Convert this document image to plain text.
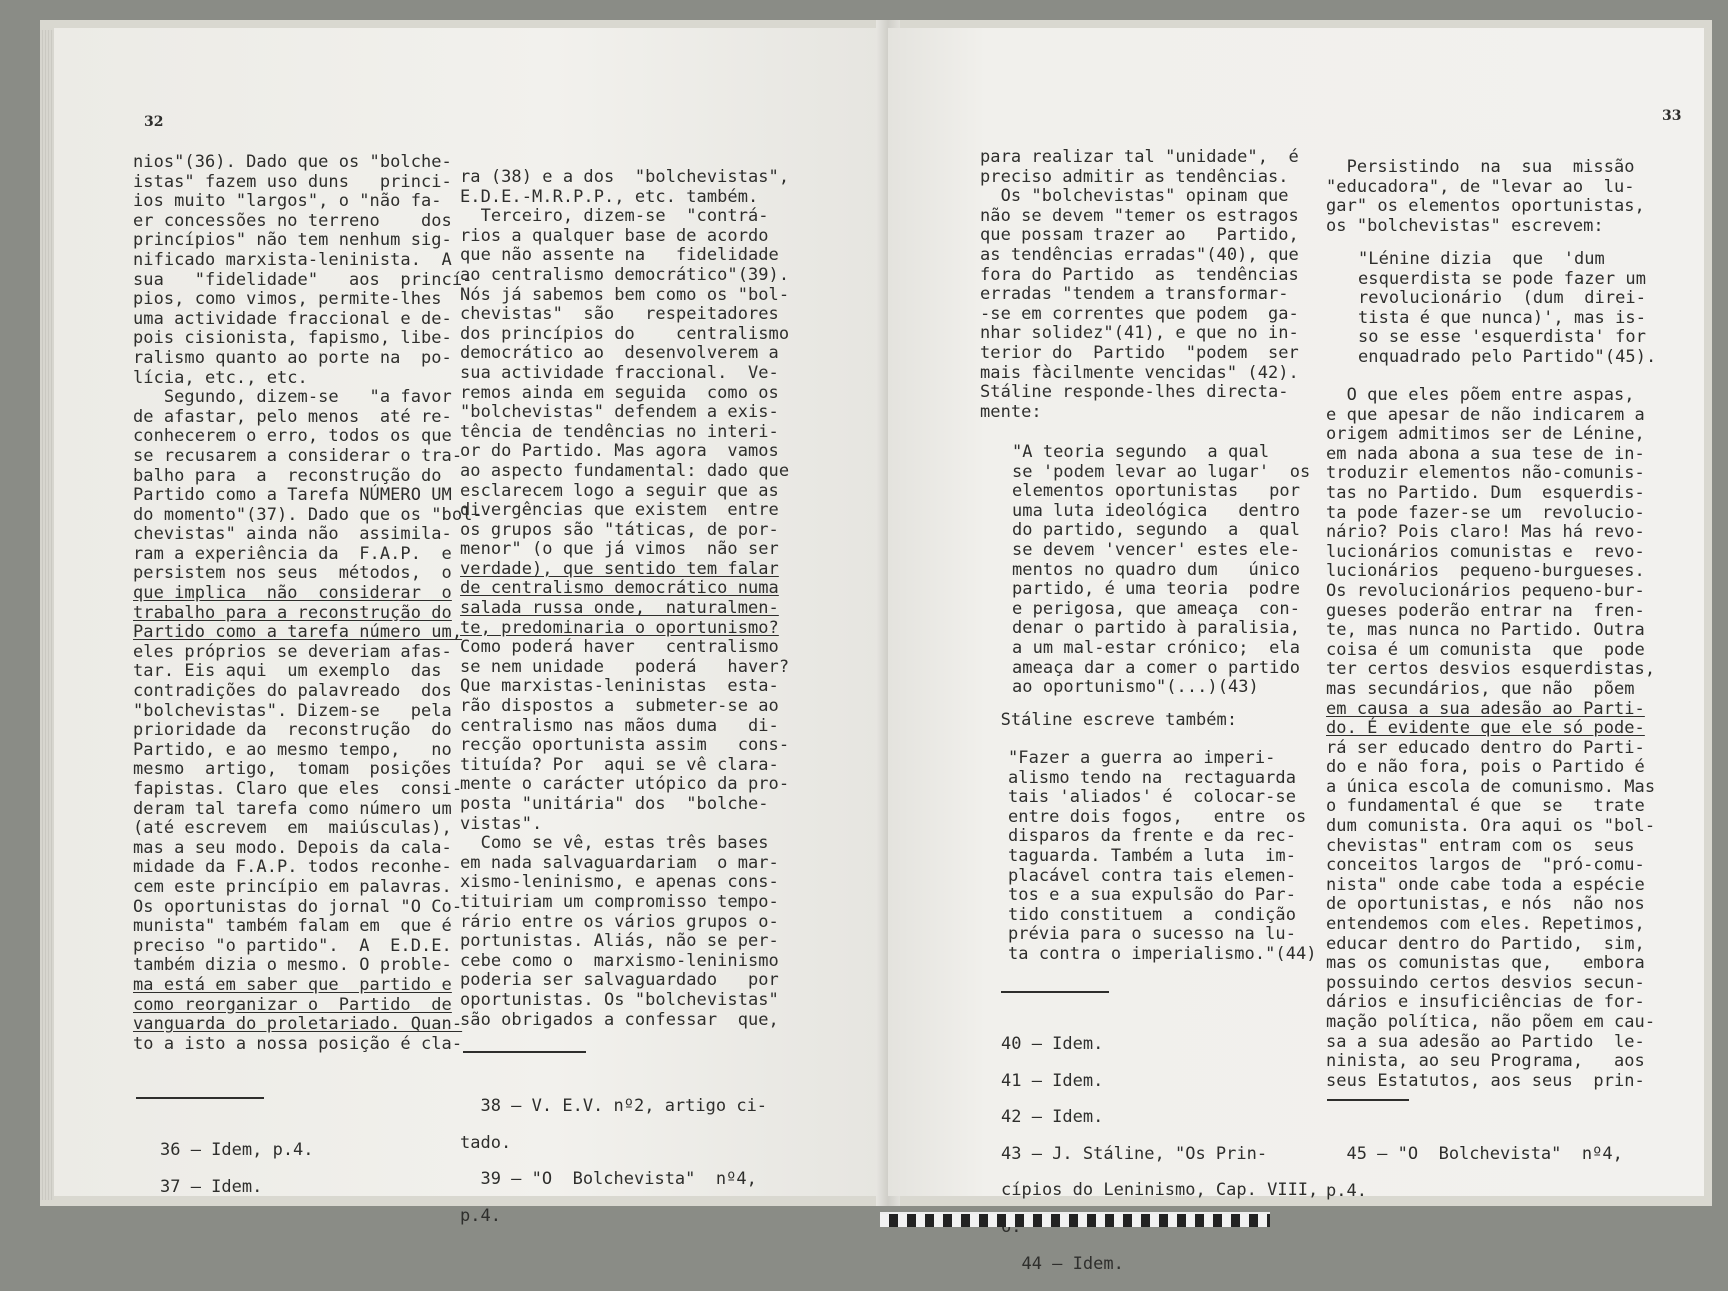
32

nios"(36). Dado que os "bolche-

istas" fazem uso duns   princi-

ios muito "largos", o "não fa-

er concessões no terreno    dos

princípios" não tem nenhum sig-

nificado marxista-leninista.  A

sua   "fidelidade"   aos  princí-

pios, como vimos, permite-lhes

uma actividade fraccional e de-

pois cisionista, fapismo, libe-

ralismo quanto ao porte na  po-

lícia, etc., etc.

Segundo, dizem-se   "a favor

de afastar, pelo menos  até re-

conhecerem o erro, todos os que

se recusarem a considerar o tra-

balho para  a  reconstrução do

Partido como a Tarefa NÚMERO UM

do momento"(37). Dado que os "bol-

chevistas" ainda não  assimila-

ram a experiência da  F.A.P.  e

persistem nos seus  métodos,  o

que implica  não  considerar  o

trabalho para a reconstrução do

Partido como a tarefa número um,

eles próprios se deveriam afas-

tar. Eis aqui  um exemplo  das

contradições do palavreado  dos

"bolchevistas". Dizem-se   pela

prioridade da  reconstrução  do

Partido, e ao mesmo tempo,   no

mesmo  artigo,  tomam  posições

fapistas. Claro que eles  consi-

deram tal tarefa como número um

(até escrevem  em  maiúsculas),

mas a seu modo. Depois da cala-

midade da F.A.P. todos reconhe-

cem este princípio em palavras.

Os oportunistas do jornal "O Co-

munista" também falam em  que é

preciso "o partido".  A  E.D.E.

também dizia o mesmo. O proble-

ma está em saber que  partido e

como reorganizar o  Partido  de

vanguarda do proletariado. Quan-

to a isto a nossa posição é cla-

36 — Idem, p.4.

37 — Idem.

ra (38) e a dos  "bolchevistas",

E.D.E.-M.R.P.P., etc. também.

Terceiro, dizem-se  "contrá-

rios a qualquer base de acordo

que não assente na   fidelidade

ao centralismo democrático"(39).

Nós já sabemos bem como os "bol-

chevistas"  são   respeitadores

dos princípios do    centralismo

democrático ao  desenvolverem a

sua actividade fraccional.  Ve-

remos ainda em seguida  como os

"bolchevistas" defendem a exis-

tência de tendências no interi-

or do Partido. Mas agora  vamos

ao aspecto fundamental: dado que

esclarecem logo a seguir que as

divergências que existem  entre

os grupos são "táticas, de por-

menor" (o que já vimos  não ser

verdade), que sentido tem falar

de centralismo democrático numa

salada russa onde,  naturalmen-

te, predominaria o oportunismo?

Como poderá haver   centralismo

se nem unidade   poderá   haver?

Que marxistas-leninistas  esta-

rão dispostos a  submeter-se ao

centralismo nas mãos duma   di-

recção oportunista assim   cons-

tituída? Por  aqui se vê clara-

mente o carácter utópico da pro-

posta "unitária" dos  "bolche-

vistas".

Como se vê, estas três bases

em nada salvaguardariam  o mar-

xismo-leninismo, e apenas cons-

tituiriam um compromisso tempo-

rário entre os vários grupos o-

portunistas. Aliás, não se per-

cebe como o  marxismo-leninismo

poderia ser salvaguardado   por

oportunistas. Os "bolchevistas"

são obrigados a confessar  que,

38 — V. E.V. nº2, artigo ci-

tado.

39 — "O  Bolchevista"  nº4,

p.4.

33

para realizar tal "unidade",  é

preciso admitir as tendências.

Os "bolchevistas" opinam que

não se devem "temer os estragos

que possam trazer ao   Partido,

as tendências erradas"(40), que

fora do Partido  as  tendências

erradas "tendem a transformar-

-se em correntes que podem  ga-

nhar solidez"(41), e que no in-

terior do  Partido  "podem  ser

mais fàcilmente vencidas" (42).

Stáline responde-lhes directa-

mente:

"A teoria segundo  a qual

se 'podem levar ao lugar'  os

elementos oportunistas   por

uma luta ideológica   dentro

do partido, segundo  a  qual

se devem 'vencer' estes ele-

mentos no quadro dum   único

partido, é uma teoria  podre

e perigosa, que ameaça  con-

denar o partido à paralisia,

a um mal-estar crónico;  ela

ameaça dar a comer o partido

ao oportunismo"(...)(43)

Stáline escreve também:

"Fazer a guerra ao imperi-

alismo tendo na  rectaguarda

tais 'aliados' é  colocar-se

entre dois fogos,   entre  os

disparos da frente e da rec-

taguarda. Também a luta  im-

placável contra tais elemen-

tos e a sua expulsão do Par-

tido constituem  a  condição

prévia para o sucesso na lu-

ta contra o imperialismo."(44)

40 — Idem.

41 — Idem.

42 — Idem.

43 — J. Stáline, "Os Prin-

cípios do Leninismo, Cap. VIII,

44 — Idem.

Persistindo  na  sua  missão

"educadora", de "levar ao  lu-

gar" os elementos oportunistas,

os "bolchevistas" escrevem:

"Lénine dizia  que  'dum

esquerdista se pode fazer um

revolucionário  (dum  direi-

tista é que nunca)', mas is-

so se esse 'esquerdista' for

enquadrado pelo Partido"(45).

O que eles põem entre aspas,

e que apesar de não indicarem a

origem admitimos ser de Lénine,

em nada abona a sua tese de in-

troduzir elementos não-comunis-

tas no Partido. Dum  esquerdis-

ta pode fazer-se um  revolucio-

nário? Pois claro! Mas há revo-

lucionários comunistas e  revo-

lucionários  pequeno-burgueses.

Os revolucionários pequeno-bur-

gueses poderão entrar na  fren-

te, mas nunca no Partido. Outra

coisa é um comunista  que  pode

ter certos desvios esquerdistas,

mas secundários, que não  põem

em causa a sua adesão ao Parti-

do. É evidente que ele só pode-

rá ser educado dentro do Parti-

do e não fora, pois o Partido é

a única escola de comunismo. Mas

o fundamental é que  se   trate

dum comunista. Ora aqui os "bol-

chevistas" entram com os  seus

conceitos largos de  "pró-comu-

nista" onde cabe toda a espécie

de oportunistas, e nós  não nos

entendemos com eles. Repetimos,

educar dentro do Partido,  sim,

mas os comunistas que,   embora

possuindo certos desvios secun-

dários e insuficiências de for-

mação política, não põem em cau-

sa a sua adesão ao Partido  le-

ninista, ao seu Programa,   aos

seus Estatutos, aos seus  prin-

45 — "O  Bolchevista"  nº4,

p.4.
